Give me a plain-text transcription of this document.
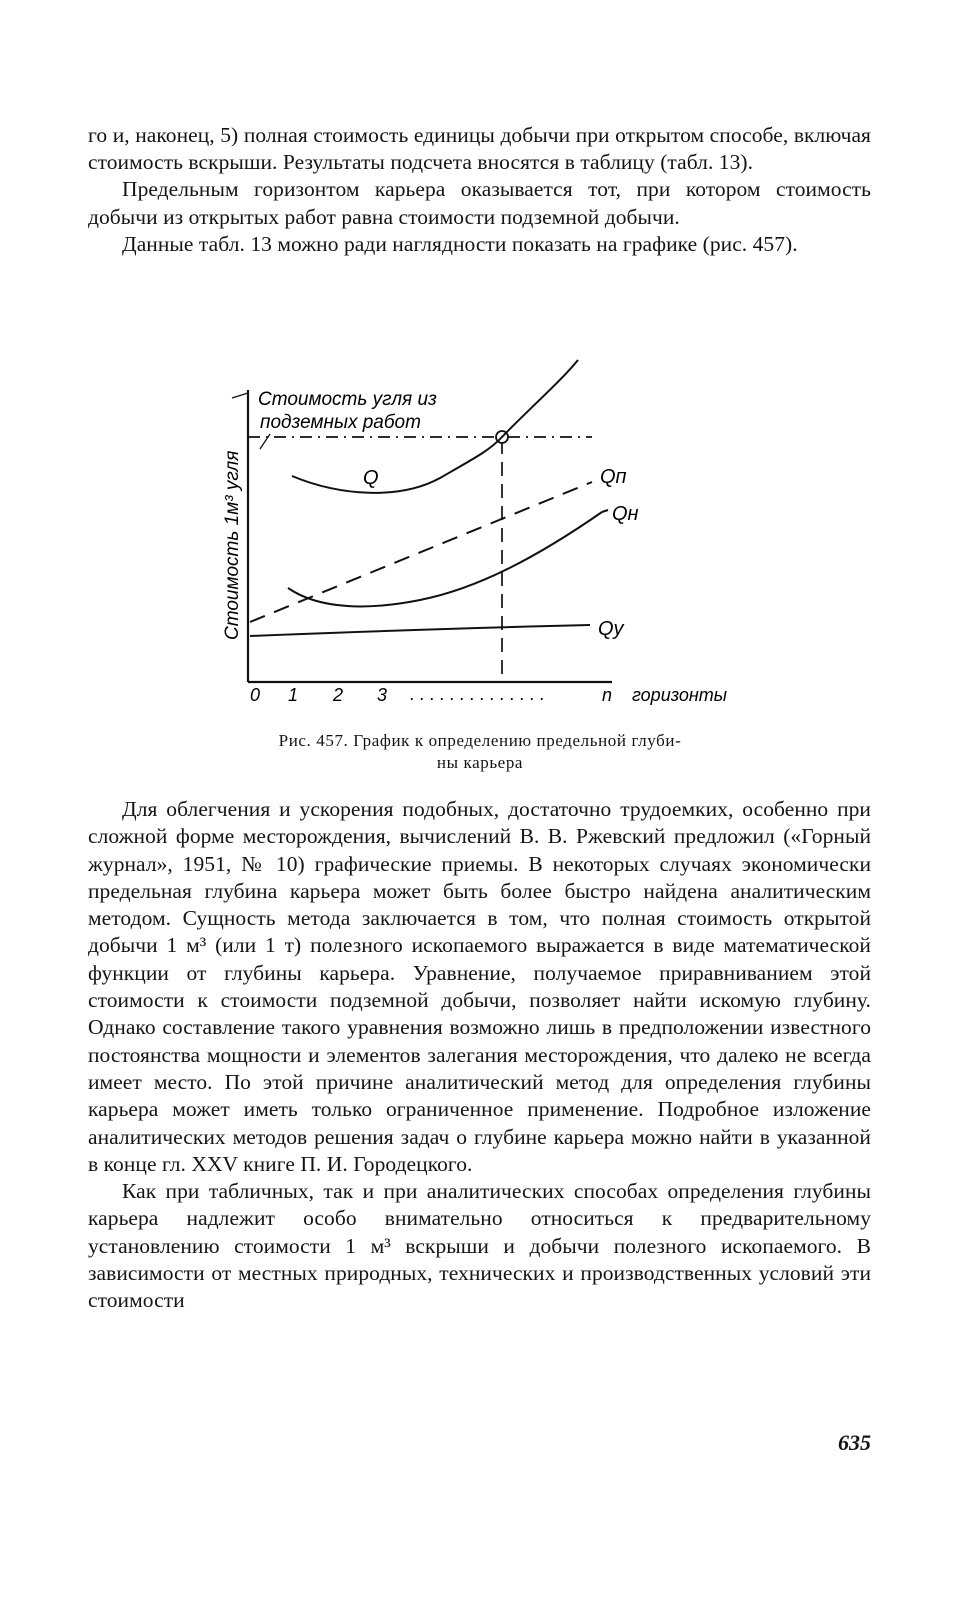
го и, наконец, 5) полная стоимость единицы добычи при открытом способе, включая стоимость вскрыши. Результаты подсчета вносятся в таблицу (табл. 13).

Предельным горизонтом карьера оказывается тот, при котором стоимость добычи из открытых работ равна стоимости подземной добычи.

Данные табл. 13 можно ради наглядности показать на графике (рис. 457).

Стоимость угля из
подземных работ
Стоимость 1м³ угля	Q	Qп
Qн
Qу
0 1 2 3 ..............	n горизонты
Рис. 457. График к определению предельной глуби-
ны карьера

Для облегчения и ускорения подобных, достаточно трудоемких, особенно при сложной форме месторождения, вычислений В. В. Ржевский предложил («Горный журнал», 1951, № 10) графические приемы. В некоторых случаях экономически предельная глубина карьера может быть более быстро найдена аналитическим методом. Сущность метода заключается в том, что полная стоимость открытой добычи 1 м³ (или 1 т) полезного ископаемого выражается в виде математической функции от глубины карьера. Уравнение, получаемое приравниванием этой стоимости к стоимости подземной добычи, позволяет найти искомую глубину. Однако составление такого уравнения возможно лишь в предположении известного постоянства мощности и элементов залегания месторождения, что далеко не всегда имеет место. По этой причине аналитический метод для определения глубины карьера может иметь только ограниченное применение. Подробное изложение аналитических методов решения задач о глубине карьера можно найти в указанной в конце гл. XXV книге П. И. Городецкого.

Как при табличных, так и при аналитических способах определения глубины карьера надлежит особо внимательно относиться к предварительному установлению стоимости 1 м³ вскрыши и добычи полезного ископаемого. В зависимости от местных природных, технических и производственных условий эти стоимости

635
